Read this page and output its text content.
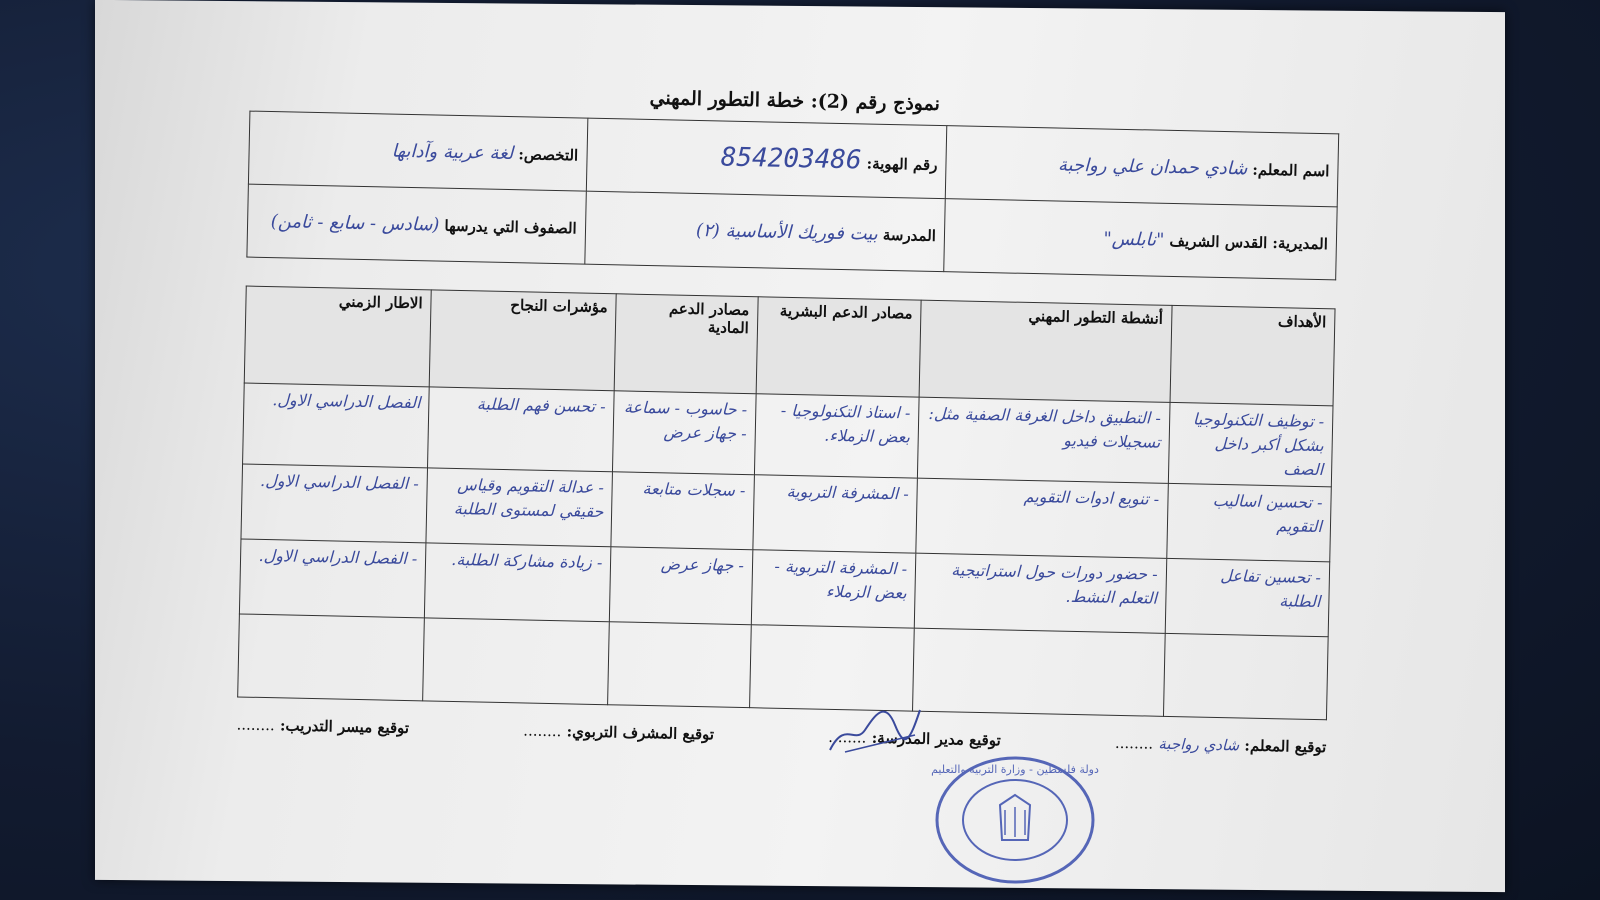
نموذج رقم (2): خطة التطور المهني
اسم المعلم: شادي حمدان علي رواجبة	رقم الهوية: 854203486	التخصص: لغة عربية وآدابها
المديرية: القدس الشريف "نابلس"	المدرسة بيت فوريك الأساسية (٢)	الصفوف التي يدرسها (سادس - سابع - ثامن)
الأهداف	أنشطة التطور المهني	مصادر الدعم البشرية	مصادر الدعم المادية	مؤشرات النجاح	الاطار الزمني
- توظيف التكنولوجيا بشكل أكبر داخل الصف	- التطبيق داخل الغرفة الصفية مثل: تسجيلات فيديو	- استاذ التكنولوجيا - بعض الزملاء.	- حاسوب - سماعة - جهاز عرض	- تحسن فهم الطلبة	الفصل الدراسي الاول.
- تحسين اساليب التقويم	- تنويع ادوات التقويم	- المشرفة التربوية	- سجلات متابعة	- عدالة التقويم وقياس حقيقي لمستوى الطلبة	- الفصل الدراسي الاول.
- تحسين تفاعل الطلبة	- حضور دورات حول استراتيجية التعلم النشط.	- المشرفة التربوية - بعض الزملاء	- جهاز عرض	- زيادة مشاركة الطلبة.	- الفصل الدراسي الاول.

توقيع المعلم: شادي رواجبة ........
توقيع مدير المدرسة: ........
توقيع المشرف التربوي: ........
توقيع ميسر التدريب: ........
دولة فلسطين - وزارة التربية والتعليم
